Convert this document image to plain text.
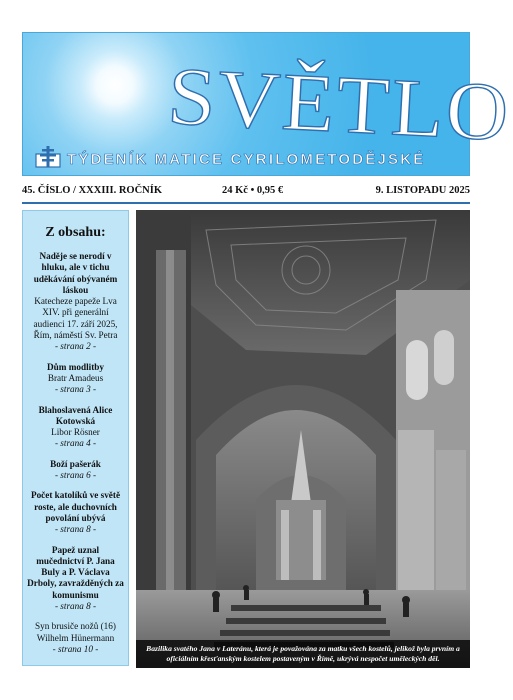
SVĚTLO
TÝDENÍK MATICE CYRILOMETODĚJSKÉ
45. ČÍSLO / XXXIII. ROČNÍK	24 Kč • 0,95 €	9. LISTOPADU 2025
Z obsahu:
Naděje se nerodí v hluku, ale v tichu uděkávání obývaném láskou
Katecheze papeže Lva XIV. při generální audienci 17. září 2025, Řím, náměstí Sv. Petra
- strana 2 -
Dům modlitby
Bratr Amadeus
- strana 3 -
Blahoslavená Alice Kotowská
Libor Rösner
- strana 4 -
Boží pašerák
- strana 6 -
Počet katolíků ve světě roste, ale duchovních povolání ubývá
- strana 8 -
Papež uznal mučednictví P. Jana Buly a P. Václava Drboly, zavražděných za komunismu
- strana 8 -
Syn brusiče nožů (16) Wilhelm Hünermann
- strana 10 -	Bazilika svatého Jana v Lateránu, která je považována za matku všech kostelů, jelikož byla prvním a oficiálním křesťanským kostelem postaveným v Římě, ukrývá nespočet uměleckých děl.
